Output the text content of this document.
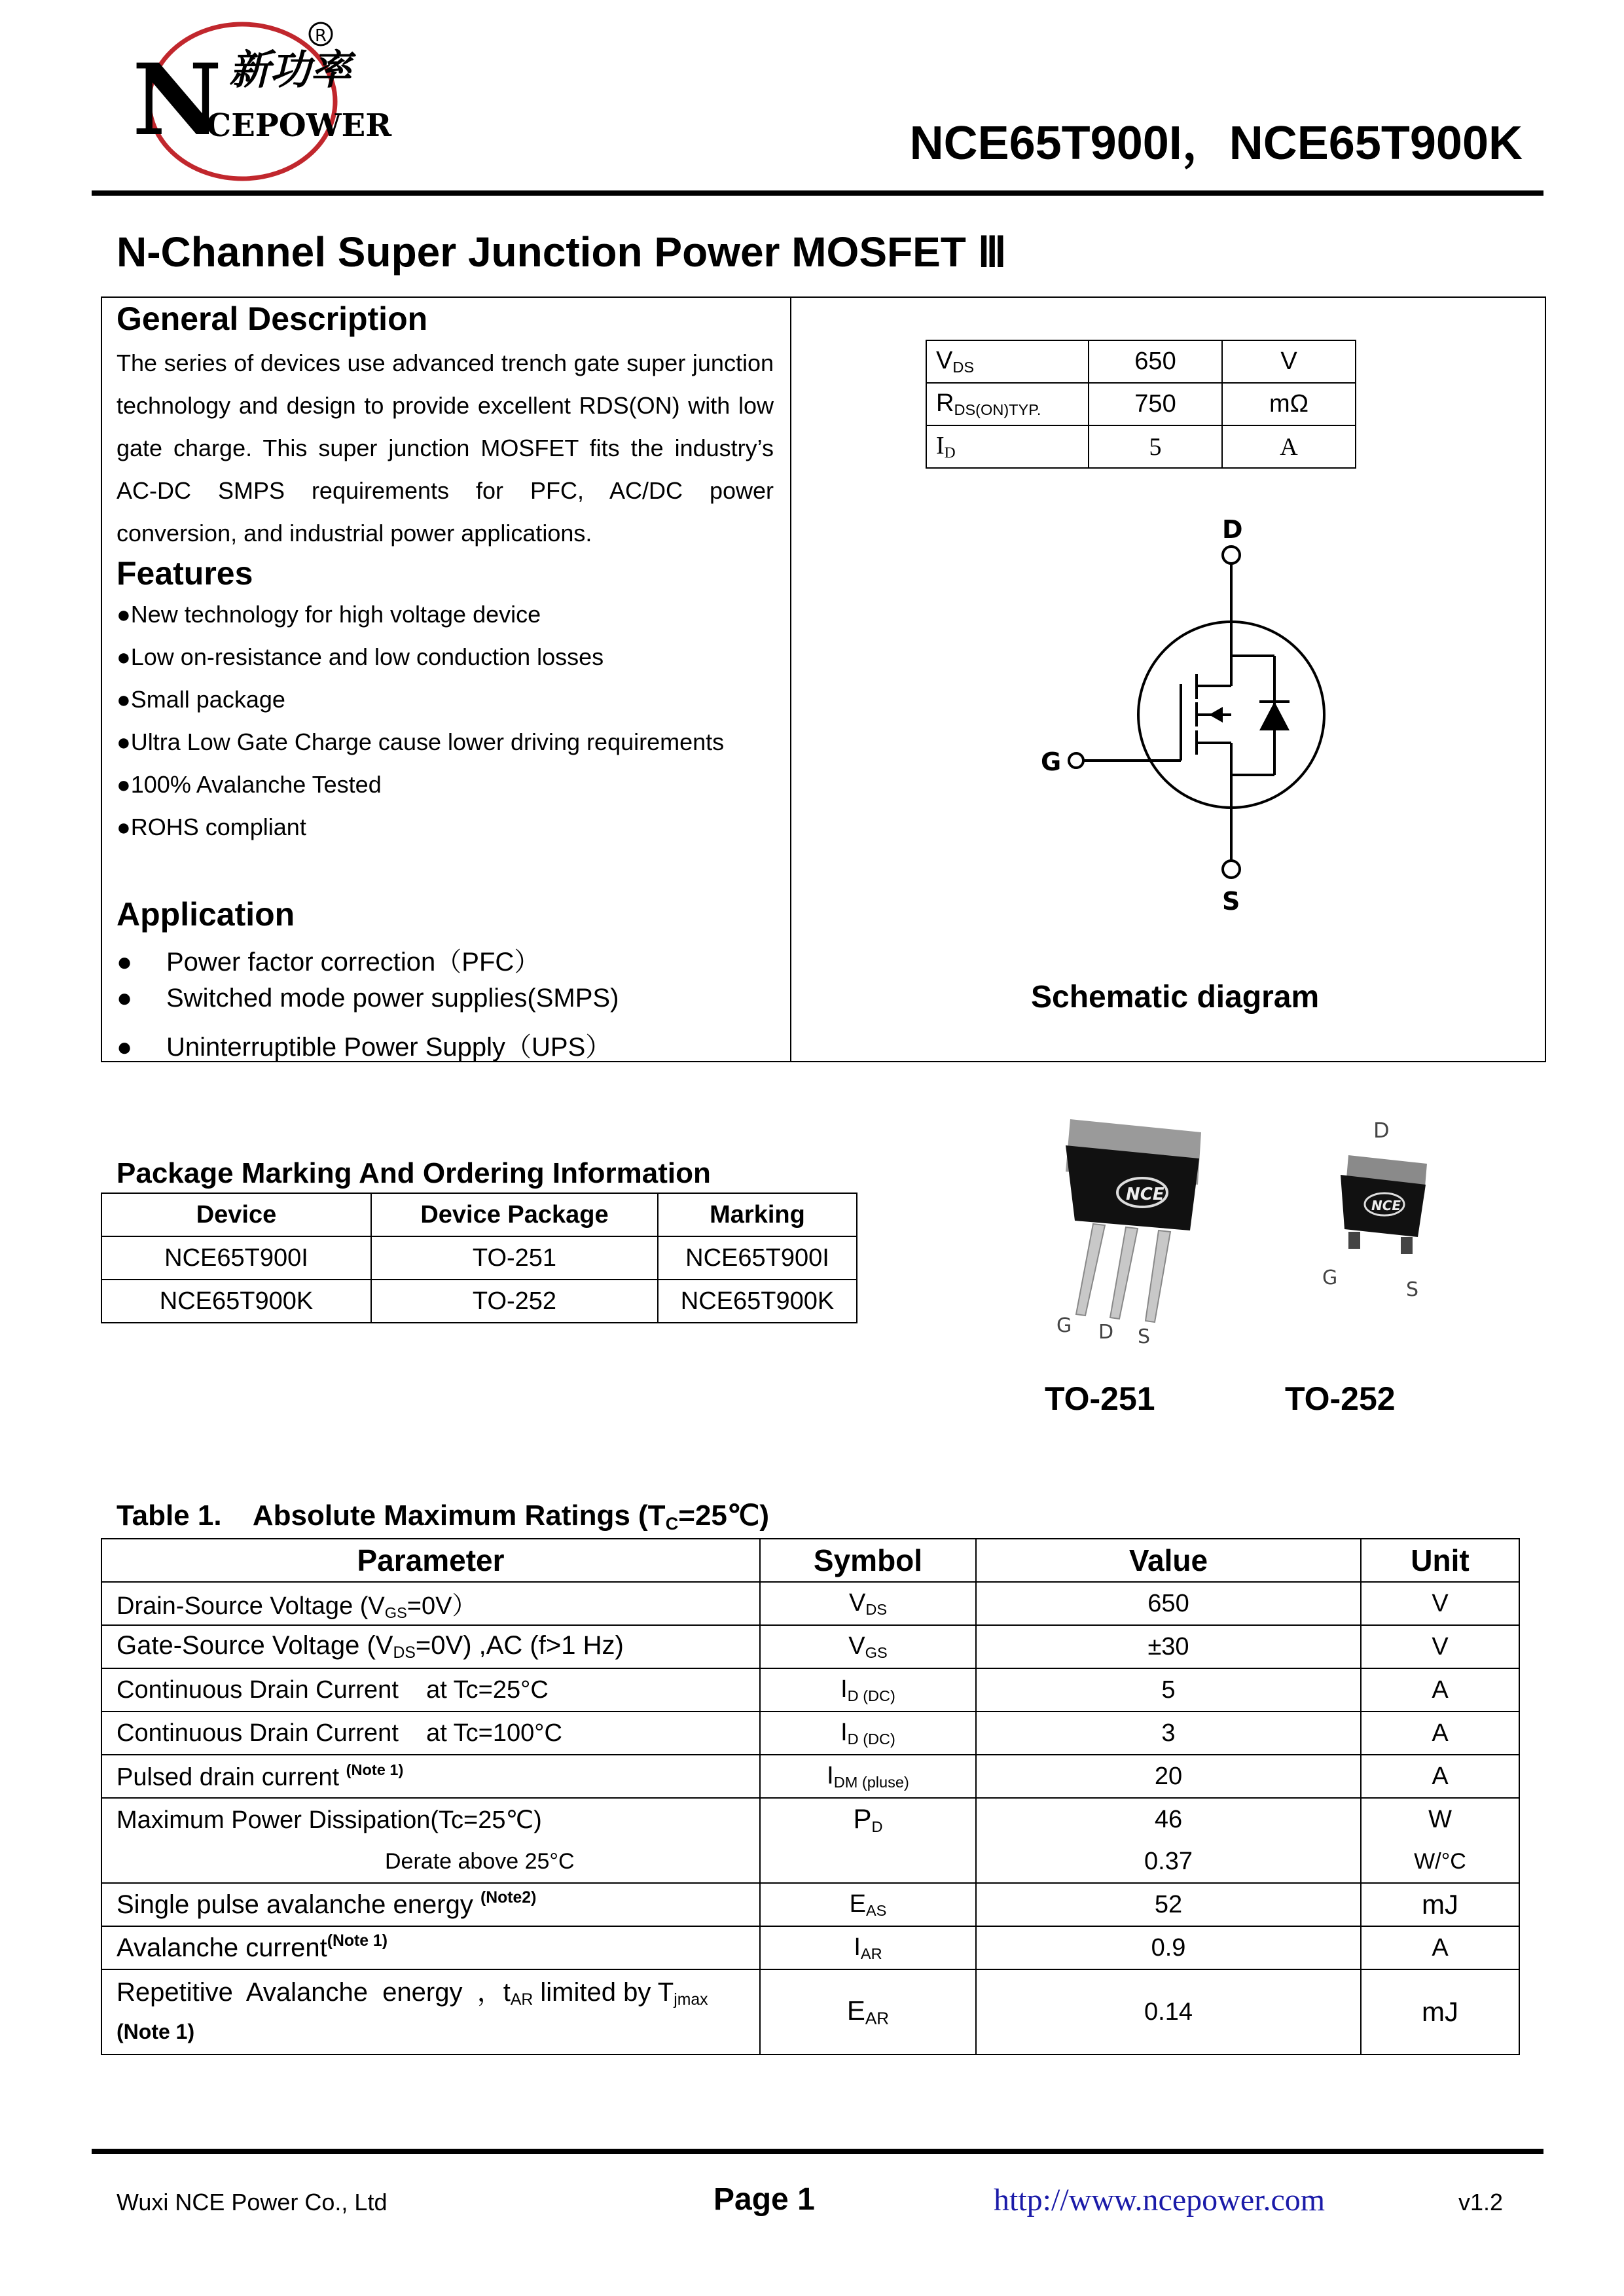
新功率
N
CEPOWER
R
NCE65T900I，NCE65T900K
N-Channel Super Junction Power MOSFET Ⅲ
General Description
The series of devices use advanced trench gate super junction technology and design to provide excellent RDS(ON) with low gate charge. This super junction MOSFET fits the industry’s AC-DC SMPS requirements for PFC, AC/DC power conversion, and industrial power applications.
Features
●New technology for high voltage device
●Low on-resistance and low conduction losses
●Small package
●Ultra Low Gate Charge cause lower driving requirements
●100% Avalanche Tested
●ROHS compliant
Application
● Power factor correction（PFC）
● Switched mode power supplies(SMPS)
● Uninterruptible Power Supply（UPS）
$V_{DS}$	650	V
$R_{DS(ON)TYP.}$	750	mΩ
$I_D$	5	A
D
G
S
Schematic diagram
NCE
G D S
D
NCE
G
S
TO-251	TO-252
Package Marking And Ordering Information
Device	Device Package	Marking
NCE65T900I	TO-251	NCE65T900I
NCE65T900K	TO-252	NCE65T900K
Table 1.    Absolute Maximum Ratings $(T_C=25℃)$
Parameter	Symbol	Value	Unit
Drain-Source Voltage $(V_{GS}=0V)$	$V_{DS}$	650	V
Gate-Source Voltage $(V_{DS}=0V)$ ,AC (f>1 Hz)	$V_{GS}$	±30	V
Continuous Drain Current    at Tc=25°C	$I_{D (DC)}$	5	A
Continuous Drain Current    at Tc=100°C	$I_{D (DC)}$	3	A
Pulsed drain current $^{(Note 1)}$	$I_{DM (pluse)}$	20	A
Maximum Power Dissipation(Tc=25℃)	$P_D$	46	W
Derate above 25°C		0.37	W/°C
Single pulse avalanche energy $^{(Note2)}$	$E_{AS}$	52	mJ
Avalanche current$^{(Note 1)}$	$I_{AR}$	0.9	A
Repetitive  Avalanche  energy  ，$t_{AR}$ limited by $T_{jmax}$
(Note 1)	$E_{AR}$	0.14	mJ
Wuxi NCE Power Co., Ltd	Page 1	http://www.ncepower.com	v1.2
